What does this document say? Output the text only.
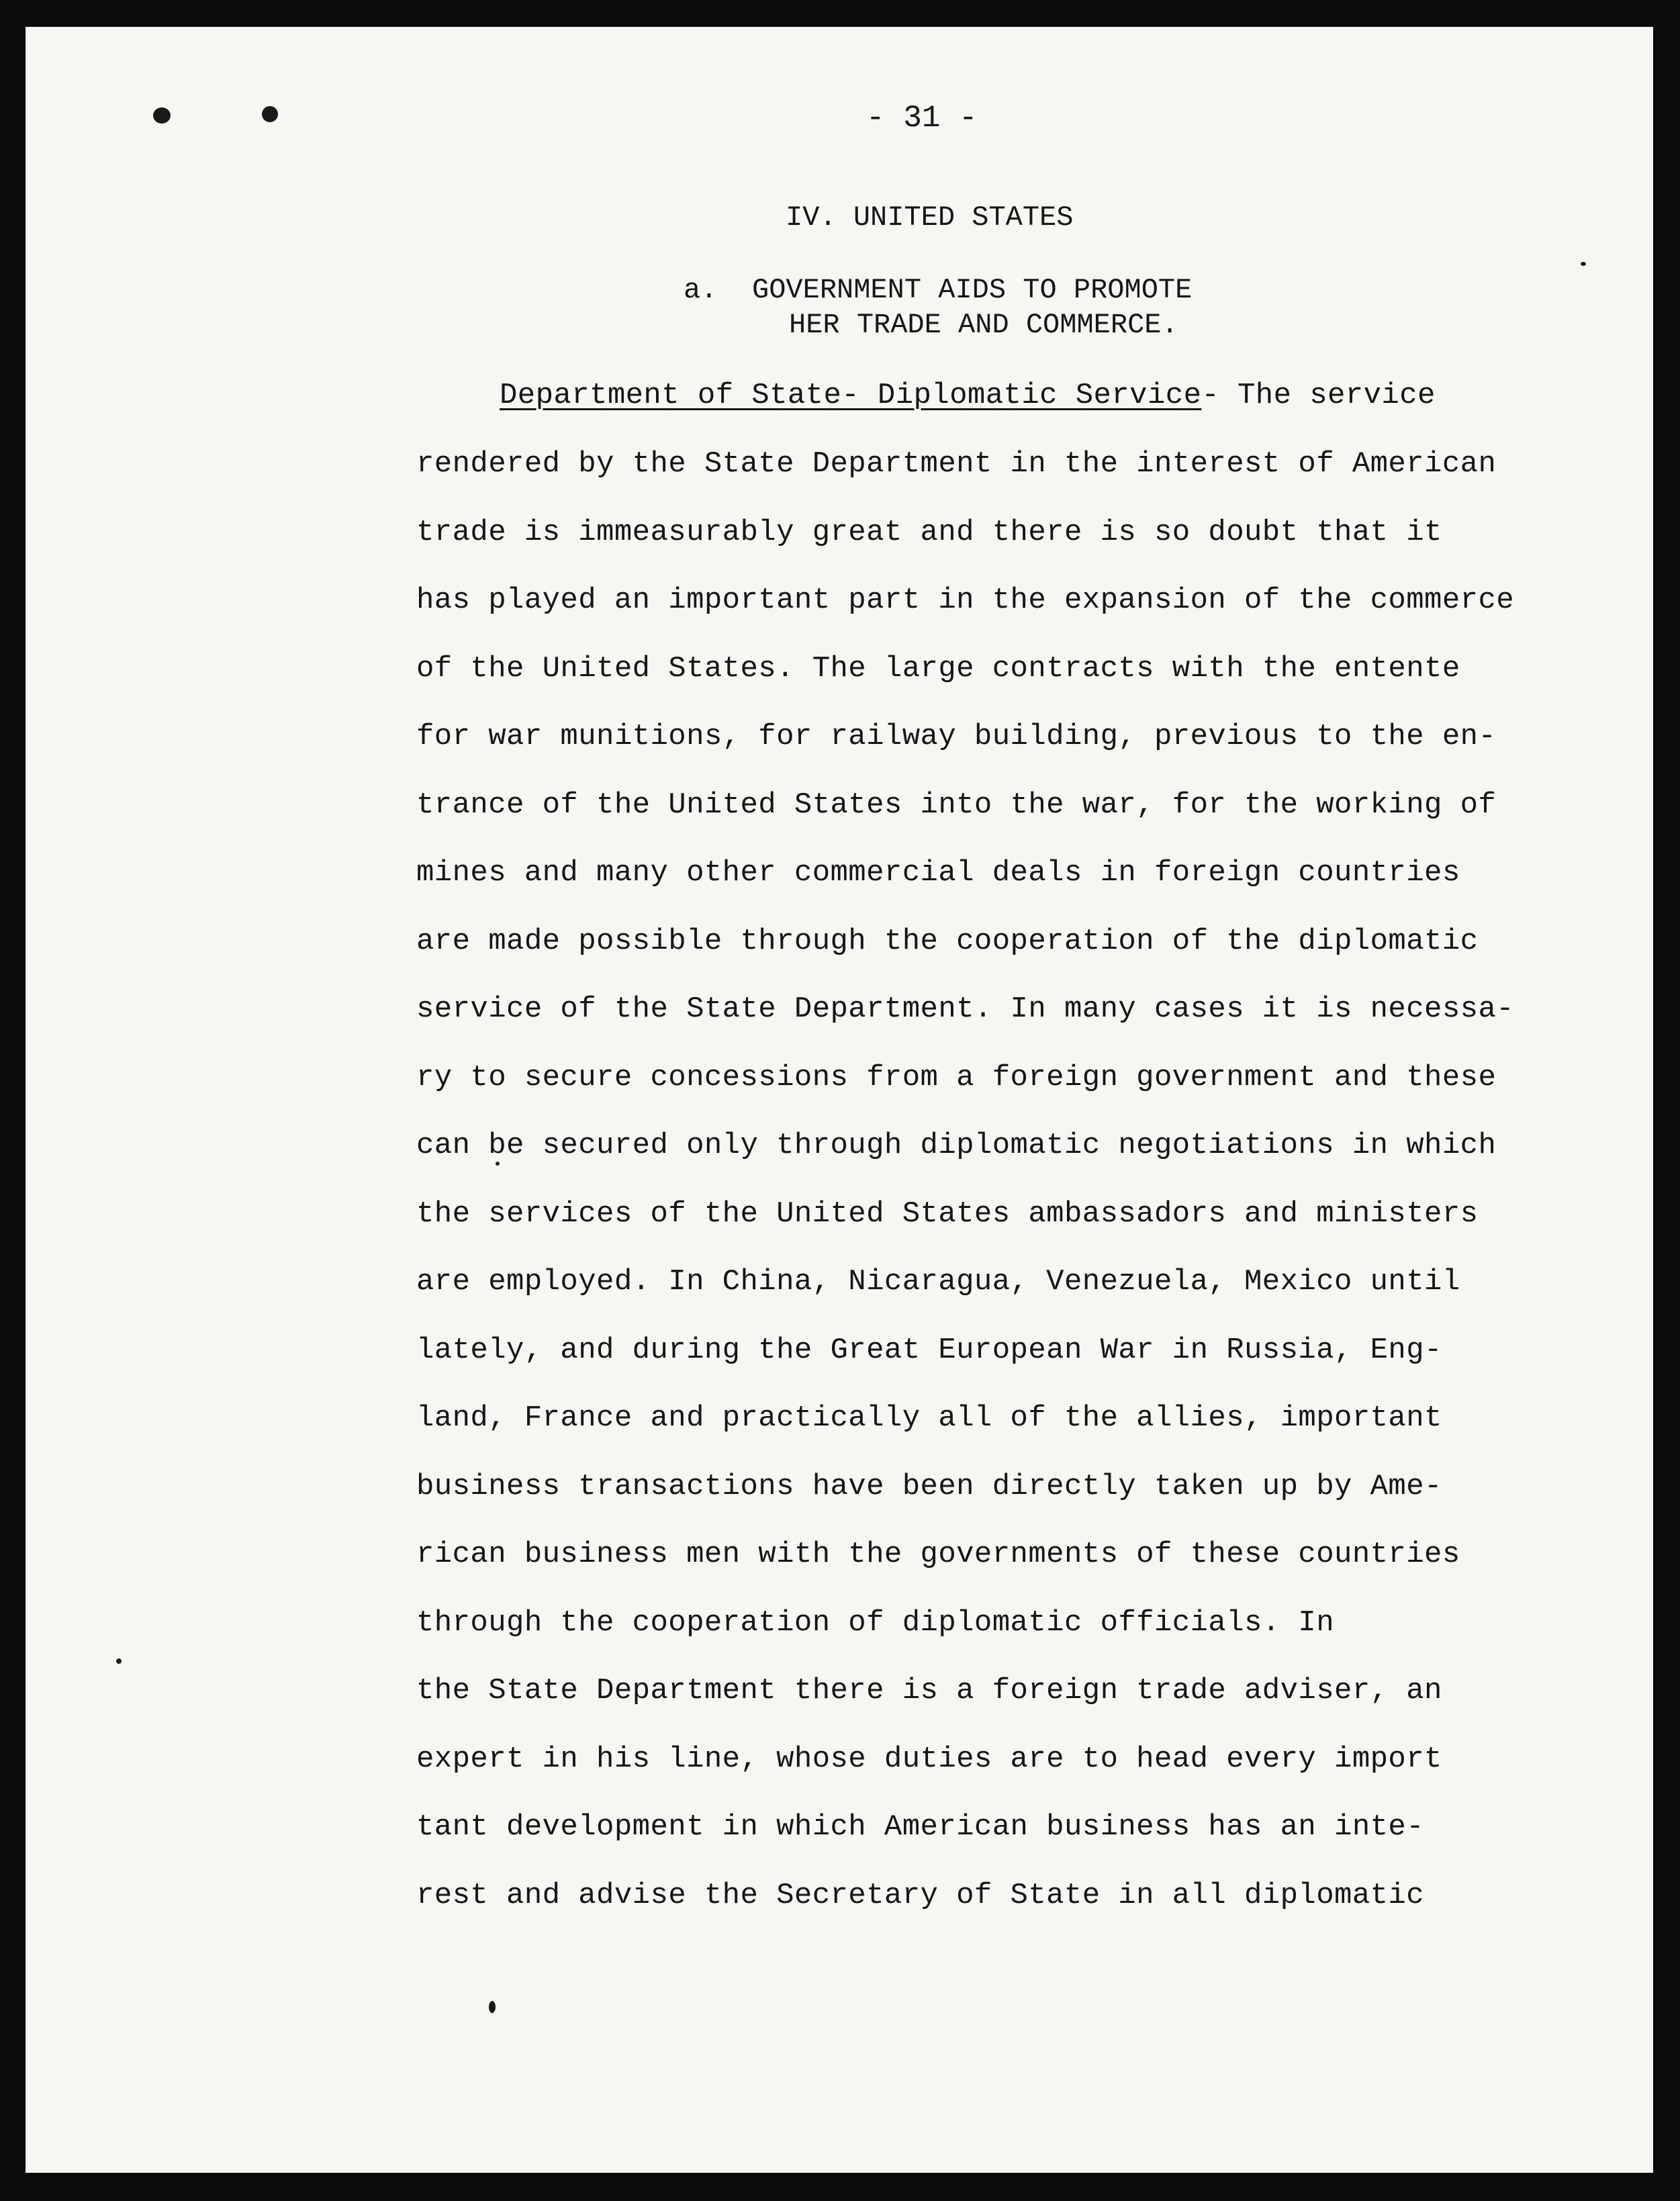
- 31 -
IV. UNITED STATES
a. GOVERNMENT AIDS TO PROMOTE
HER TRADE AND COMMERCE.
Department of State- Diplomatic Service- The service
rendered by the State Department in the interest of American
trade is immeasurably great and there is so doubt that it
has played an important part in the expansion of the commerce
of the United States. The large contracts with the entente
for war munitions, for railway building, previous to the en-
trance of the United States into the war, for the working of
mines and many other commercial deals in foreign countries
are made possible through the cooperation of the diplomatic
service of the State Department. In many cases it is necessa-
ry to secure concessions from a foreign government and these
can be secured only through diplomatic negotiations in which
the services of the United States ambassadors and ministers
are employed. In China, Nicaragua, Venezuela, Mexico until
lately, and during the Great European War in Russia, Eng-
land, France and practically all of the allies, important
business transactions have been directly taken up by Ame-
rican business men with the governments of these countries
through the cooperation of diplomatic officials. In
the State Department there is a foreign trade adviser, an
expert in his line, whose duties are to head every import
tant development in which American business has an inte-
rest and advise the Secretary of State in all diplomatic
